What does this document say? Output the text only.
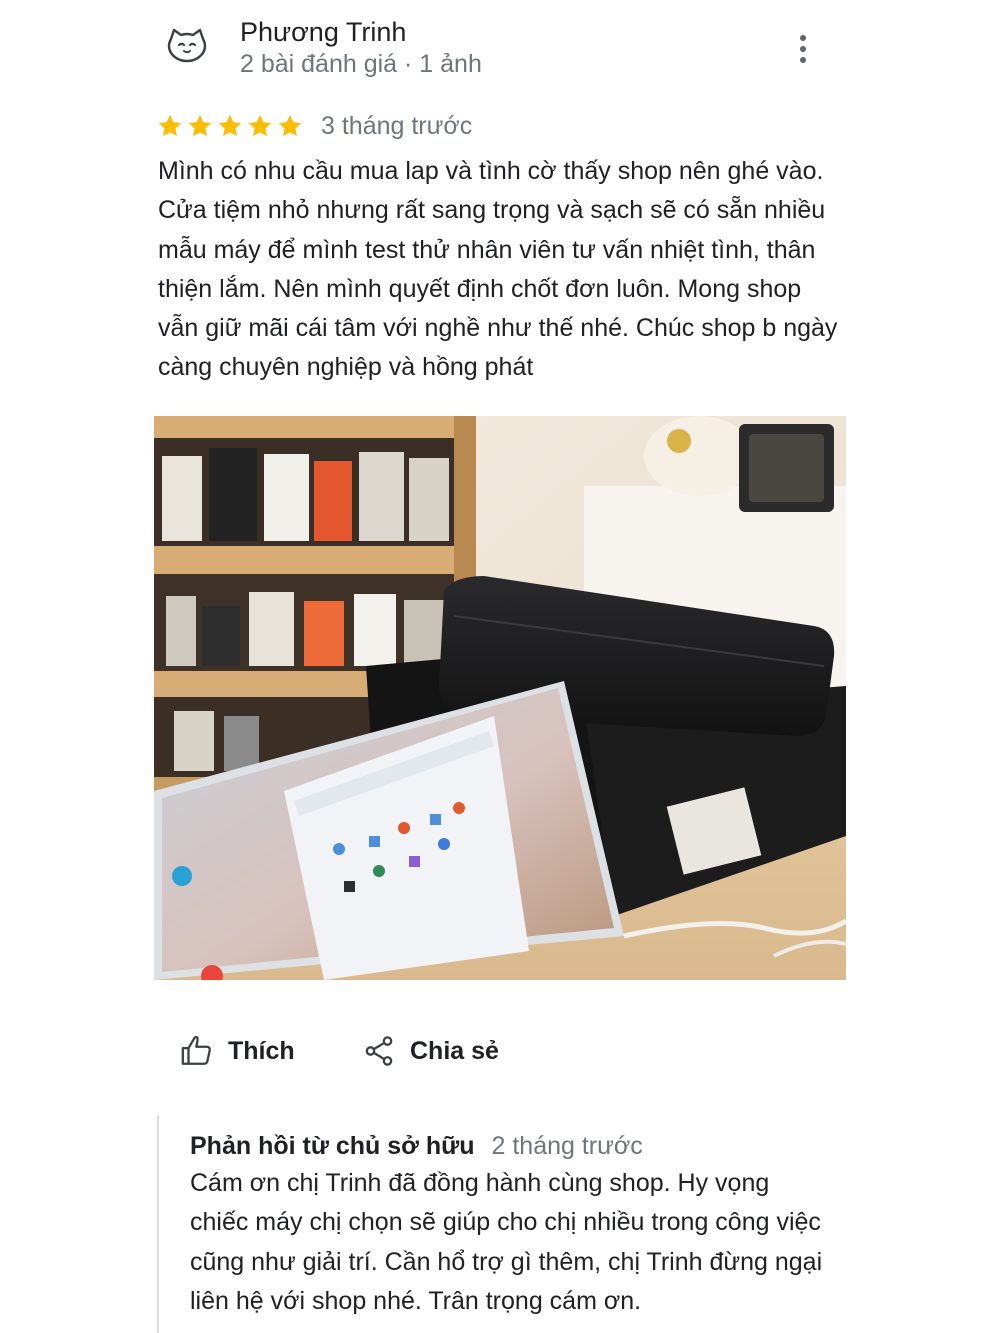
Phương Trinh
2 bài đánh giá · 1 ảnh
3 tháng trước

Mình có nhu cầu mua lap và tình cờ thấy shop nên ghé vào. Cửa tiệm nhỏ nhưng rất sang trọng và sạch sẽ có sẵn nhiều mẫu máy để mình test thử nhân viên tư vấn nhiệt tình, thân thiện lắm. Nên mình quyết định chốt đơn luôn. Mong shop vẫn giữ mãi cái tâm với nghề như thế nhé. Chúc shop b ngày càng chuyên nghiệp và hồng phát

Thích	Chia sẻ
Phản hồi từ chủ sở hữu 2 tháng trước

Cám ơn chị Trinh đã đồng hành cùng shop. Hy vọng chiếc máy chị chọn sẽ giúp cho chị nhiều trong công việc cũng như giải trí. Cần hổ trợ gì thêm, chị Trinh đừng ngại liên hệ với shop nhé. Trân trọng cám ơn.
